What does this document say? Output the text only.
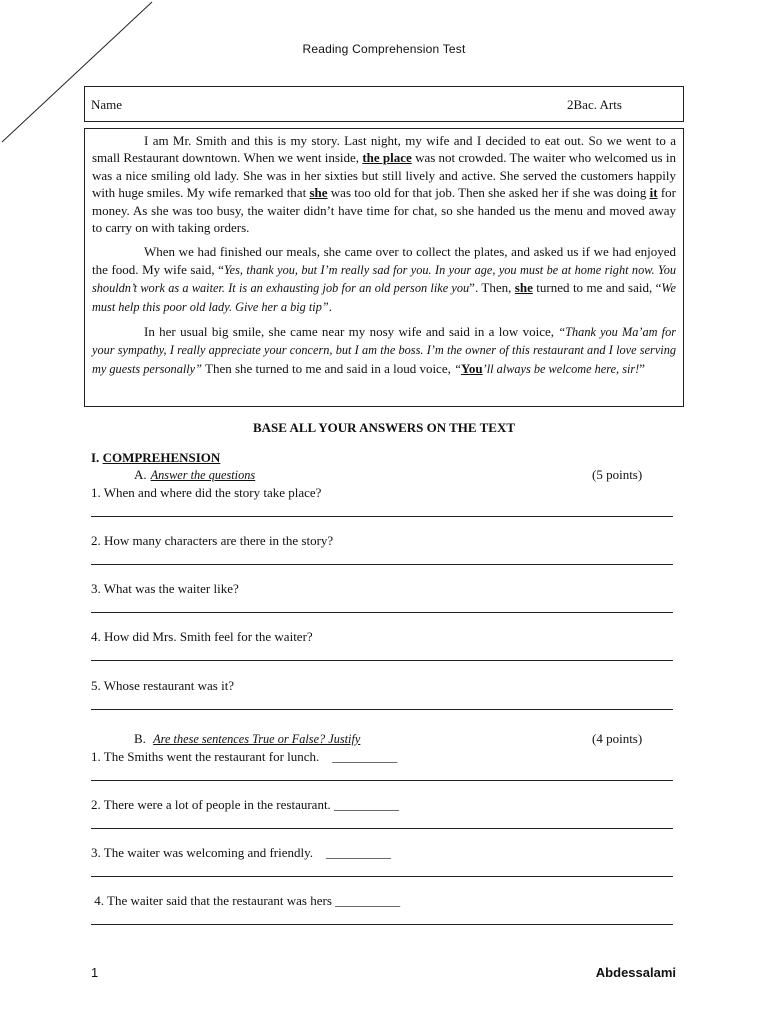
Reading Comprehension Test
Name	2Bac. Arts

I am Mr. Smith and this is my story. Last night, my wife and I decided to eat out. So we went to a small Restaurant downtown. When we went inside, the place was not crowded. The waiter who welcomed us in was a nice smiling old lady. She was in her sixties but still lively and active. She served the customers happily with huge smiles. My wife remarked that she was too old for that job. Then she asked her if she was doing it for money. As she was too busy, the waiter didn’t have time for chat, so she handed us the menu and moved away to carry on with taking orders.

When we had finished our meals, she came over to collect the plates, and asked us if we had enjoyed the food. My wife said, “Yes, thank you, but I’m really sad for you. In your age, you must be at home right now. You shouldn’t work as a waiter. It is an exhausting job for an old person like you”. Then, she turned to me and said, “We must help this poor old lady. Give her a big tip”.

In her usual big smile, she came near my nosy wife and said in a low voice, “Thank you Ma’am for your sympathy, I really appreciate your concern, but I am the boss. I’m the owner of this restaurant and I love serving my guests personally” Then she turned to me and said in a loud voice, “You’ll always be welcome here, sir!”

BASE ALL YOUR ANSWERS ON THE TEXT
I. COMPREHENSION
A. Answer the questions	(5 points)
1. When and where did the story take place?
2. How many characters are there in the story?
3. What was the waiter like?
4. How did Mrs. Smith feel for the waiter?
5. Whose restaurant was it?
B. Are these sentences True or False? Justify	(4 points)
1. The Smiths went the restaurant for lunch.    __________
2. There were a lot of people in the restaurant. __________
3. The waiter was welcoming and friendly.    __________
4. The waiter said that the restaurant was hers __________
1	Abdessalami
